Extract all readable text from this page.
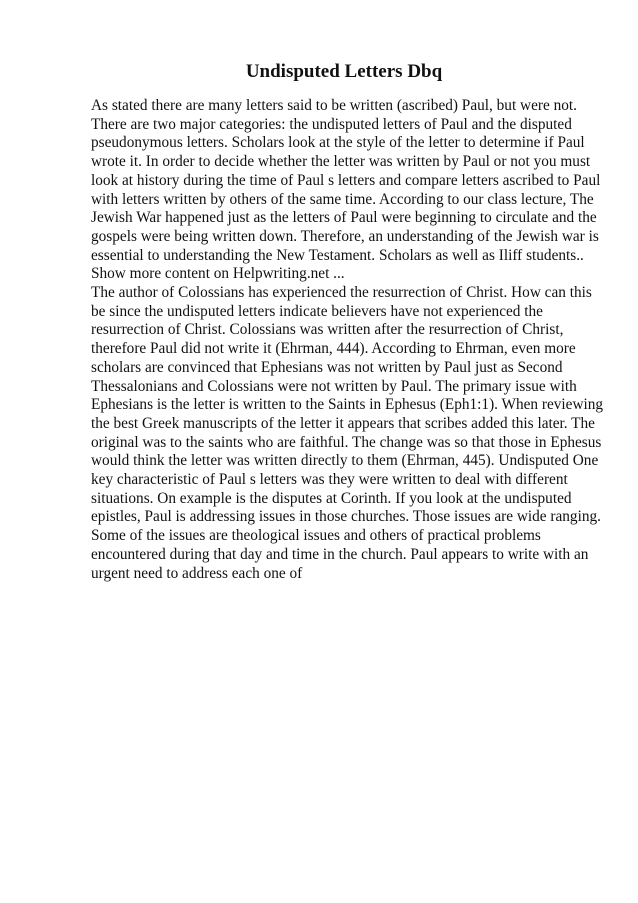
Undisputed Letters Dbq
As stated there are many letters said to be written (ascribed) Paul, but were not.
There are two major categories: the undisputed letters of Paul and the disputed
pseudonymous letters. Scholars look at the style of the letter to determine if Paul
wrote it. In order to decide whether the letter was written by Paul or not you must
look at history during the time of Paul s letters and compare letters ascribed to Paul
with letters written by others of the same time. According to our class lecture, The
Jewish War happened just as the letters of Paul were beginning to circulate and the
gospels were being written down. Therefore, an understanding of the Jewish war is
essential to understanding the New Testament. Scholars as well as Iliff students..
Show more content on Helpwriting.net ...
The author of Colossians has experienced the resurrection of Christ. How can this
be since the undisputed letters indicate believers have not experienced the
resurrection of Christ. Colossians was written after the resurrection of Christ,
therefore Paul did not write it (Ehrman, 444). According to Ehrman, even more
scholars are convinced that Ephesians was not written by Paul just as Second
Thessalonians and Colossians were not written by Paul. The primary issue with
Ephesians is the letter is written to the Saints in Ephesus (Eph1:1). When reviewing
the best Greek manuscripts of the letter it appears that scribes added this later. The
original was to the saints who are faithful. The change was so that those in Ephesus
would think the letter was written directly to them (Ehrman, 445). Undisputed One
key characteristic of Paul s letters was they were written to deal with different
situations. On example is the disputes at Corinth. If you look at the undisputed
epistles, Paul is addressing issues in those churches. Those issues are wide ranging.
Some of the issues are theological issues and others of practical problems
encountered during that day and time in the church. Paul appears to write with an
urgent need to address each one of
